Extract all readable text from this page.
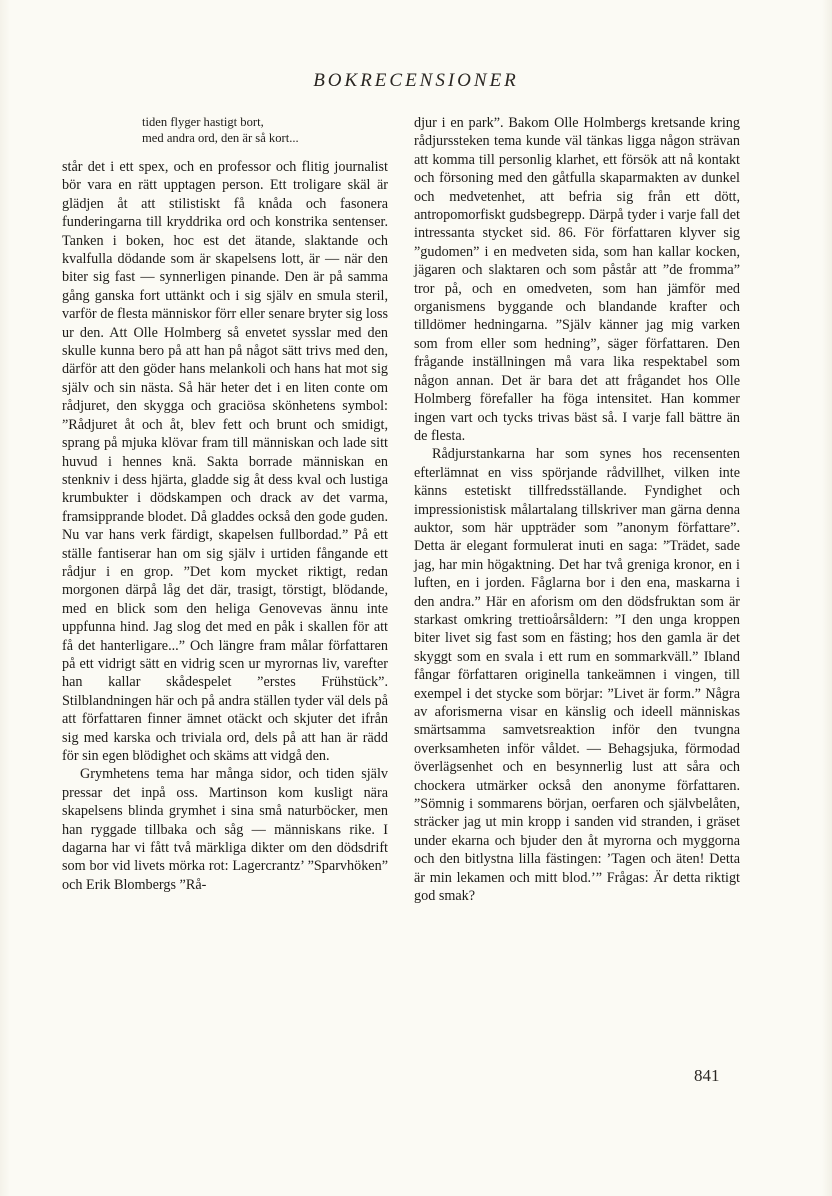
BOKRECENSIONER

tiden flyger hastigt bort,
med andra ord, den är så kort...

står det i ett spex, och en professor och flitig journalist bör vara en rätt upptagen person. Ett troligare skäl är glädjen åt att stilistiskt få knåda och fasonera funderingarna till kryddrika ord och konstrika sentenser. Tanken i boken, hoc est det ätande, slaktande och kvalfulla dödande som är skapelsens lott, är — när den biter sig fast — synnerligen pinande. Den är på samma gång ganska fort uttänkt och i sig själv en smula steril, varför de flesta människor förr eller senare bryter sig loss ur den. Att Olle Holmberg så envetet sysslar med den skulle kunna bero på att han på något sätt trivs med den, därför att den göder hans melankoli och hans hat mot sig själv och sin nästa. Så här heter det i en liten conte om rådjuret, den skygga och graciösa skönhetens symbol: ”Rådjuret åt och åt, blev fett och brunt och smidigt, sprang på mjuka klövar fram till människan och lade sitt huvud i hennes knä. Sakta borrade människan en stenkniv i dess hjärta, gladde sig åt dess kval och lustiga krumbukter i dödskampen och drack av det varma, framsipprande blodet. Då gladdes också den gode guden. Nu var hans verk färdigt, skapelsen fullbordad.” På ett ställe fantiserar han om sig själv i urtiden fångande ett rådjur i en grop. ”Det kom mycket riktigt, redan morgonen därpå låg det där, trasigt, törstigt, blödande, med en blick som den heliga Genovevas ännu inte uppfunna hind. Jag slog det med en påk i skallen för att få det hanterligare...” Och längre fram målar författaren på ett vidrigt sätt en vidrig scen ur myrornas liv, varefter han kallar skådespelet ”erstes Frühstück”. Stilblandningen här och på andra ställen tyder väl dels på att författaren finner ämnet otäckt och skjuter det ifrån sig med karska och triviala ord, dels på att han är rädd för sin egen blödighet och skäms att vidgå den.

Grymhetens tema har många sidor, och tiden själv pressar det inpå oss. Martinson kom kusligt nära skapelsens blinda grymhet i sina små naturböcker, men han ryggade tillbaka och såg — människans rike. I dagarna har vi fått två märkliga dikter om den dödsdrift som bor vid livets mörka rot: Lagercrantz’ ”Sparvhöken” och Erik Blombergs ”Rå-

djur i en park”. Bakom Olle Holmbergs kretsande kring rådjurssteken tema kunde väl tänkas ligga någon strävan att komma till personlig klarhet, ett försök att nå kontakt och försoning med den gåtfulla skaparmakten av dunkel och medvetenhet, att befria sig från ett dött, antropomorfiskt gudsbegrepp. Därpå tyder i varje fall det intressanta stycket sid. 86. För författaren klyver sig ”gudomen” i en medveten sida, som han kallar kocken, jägaren och slaktaren och som påstår att ”de fromma” tror på, och en omedveten, som han jämför med organismens byggande och blandande krafter och tilldömer hedningarna. ”Själv känner jag mig varken som from eller som hedning”, säger författaren. Den frågande inställningen må vara lika respektabel som någon annan. Det är bara det att frågandet hos Olle Holmberg förefaller ha föga intensitet. Han kommer ingen vart och tycks trivas bäst så. I varje fall bättre än de flesta.

Rådjurstankarna har som synes hos recensenten efterlämnat en viss spörjande rådvillhet, vilken inte känns estetiskt tillfredsställande. Fyndighet och impressionistisk målartalang tillskriver man gärna denna auktor, som här uppträder som ”anonym författare”. Detta är elegant formulerat inuti en saga: ”Trädet, sade jag, har min högaktning. Det har två greniga kronor, en i luften, en i jorden. Fåglarna bor i den ena, maskarna i den andra.” Här en aforism om den dödsfruktan som är starkast omkring trettioårsåldern: ”I den unga kroppen biter livet sig fast som en fästing; hos den gamla är det skyggt som en svala i ett rum en sommarkväll.” Ibland fångar författaren originella tankeämnen i vingen, till exempel i det stycke som börjar: ”Livet är form.” Några av aforismerna visar en känslig och ideell människas smärtsamma samvetsreaktion inför den tvungna overksamheten inför våldet. — Behagsjuka, förmodad överlägsenhet och en besynnerlig lust att såra och chockera utmärker också den anonyme författaren. ”Sömnig i sommarens början, oerfaren och självbelåten, sträcker jag ut min kropp i sanden vid stranden, i gräset under ekarna och bjuder den åt myrorna och myggorna och den bitlystna lilla fästingen: ’Tagen och äten! Detta är min lekamen och mitt blod.’” Frågas: Är detta riktigt god smak?

841
